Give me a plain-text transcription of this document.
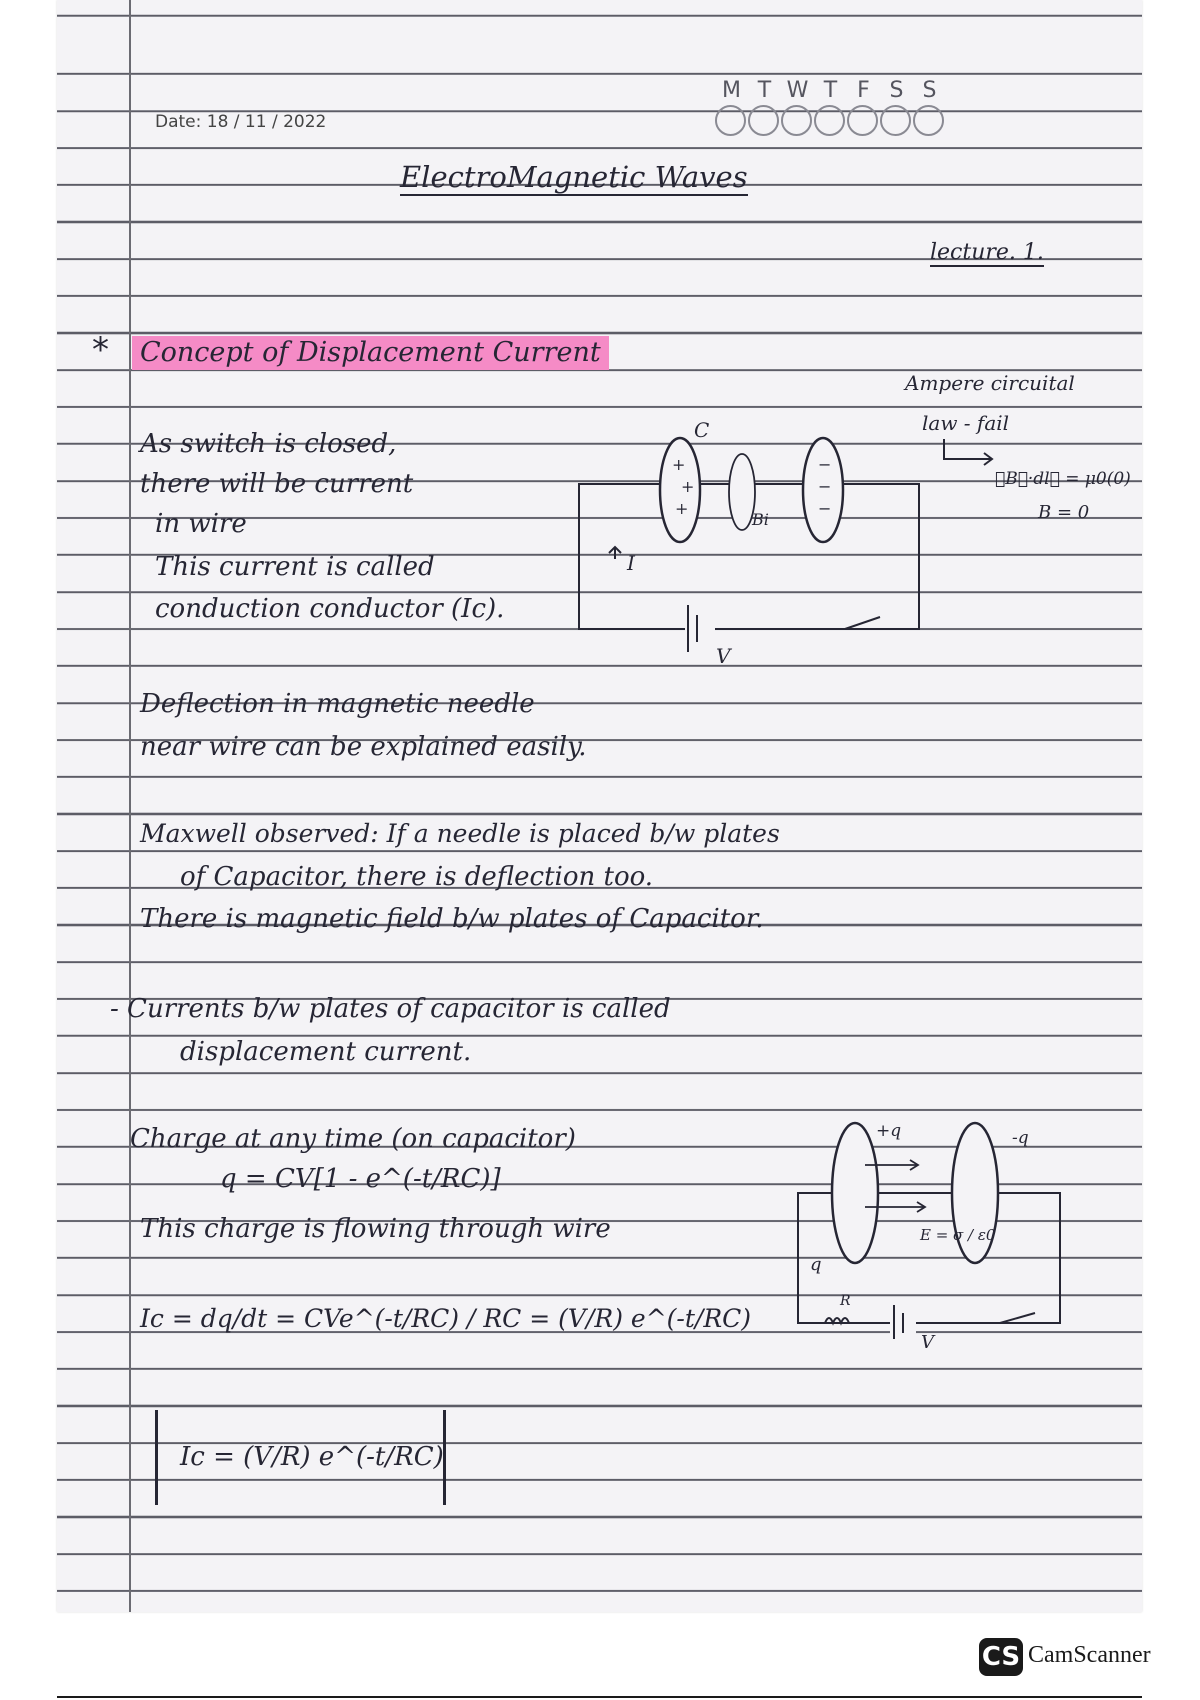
M T W T F S S
Date: 18 / 11 / 2022
ElectroMagnetic Waves
lecture. 1.
* Concept of Displacement Current
Ampere circuital
law - fail
∮B⃗·dl⃗ = μ0(0)
B = 0
As switch is closed,
there will be current
in wire
This current is called
conduction conductor (Ic).
C
Bi
I
V
+
+
+
−
−
−
Deflection in magnetic needle
near wire can be explained easily.
Maxwell observed: If a needle is placed b/w plates
of Capacitor, there is deflection too.
There is magnetic field b/w plates of Capacitor.
- Currents b/w plates of capacitor is called
displacement current.
Charge at any time (on capacitor)
q = CV[1 - e^(-t/RC)]
This charge is flowing through wire
+q	-q
E = σ / ε0
q
R
V
Ic = dq/dt = CVe^(-t/RC) / RC = (V/R) e^(-t/RC)
Ic = (V/R) e^(-t/RC)
CS CamScanner
